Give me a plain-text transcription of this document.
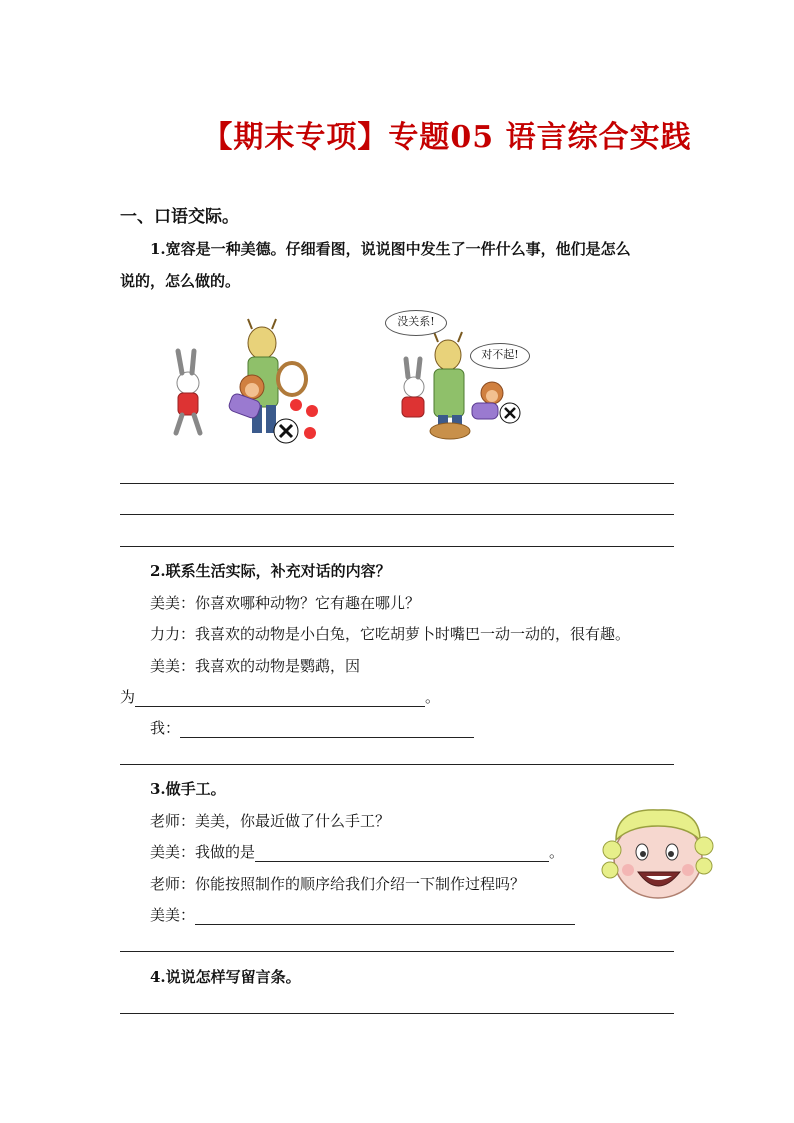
【期末专项】专题05 语言综合实践
一、口语交际。
1.宽容是一种美德。仔细看图，说说图中发生了一件什么事，他们是怎么
说的，怎么做的。
没关系!
对不起!
2.联系生活实际，补充对话的内容？
美美：你喜欢哪种动物？它有趣在哪儿？
力力：我喜欢的动物是小白兔，它吃胡萝卜时嘴巴一动一动的，很有趣。
美美：我喜欢的动物是鹦鹉，因
为	。
我：
3.做手工。
老师：美美，你最近做了什么手工？
美美：我做的是	。
老师：你能按照制作的顺序给我们介绍一下制作过程吗？
美美：
4.说说怎样写留言条。
